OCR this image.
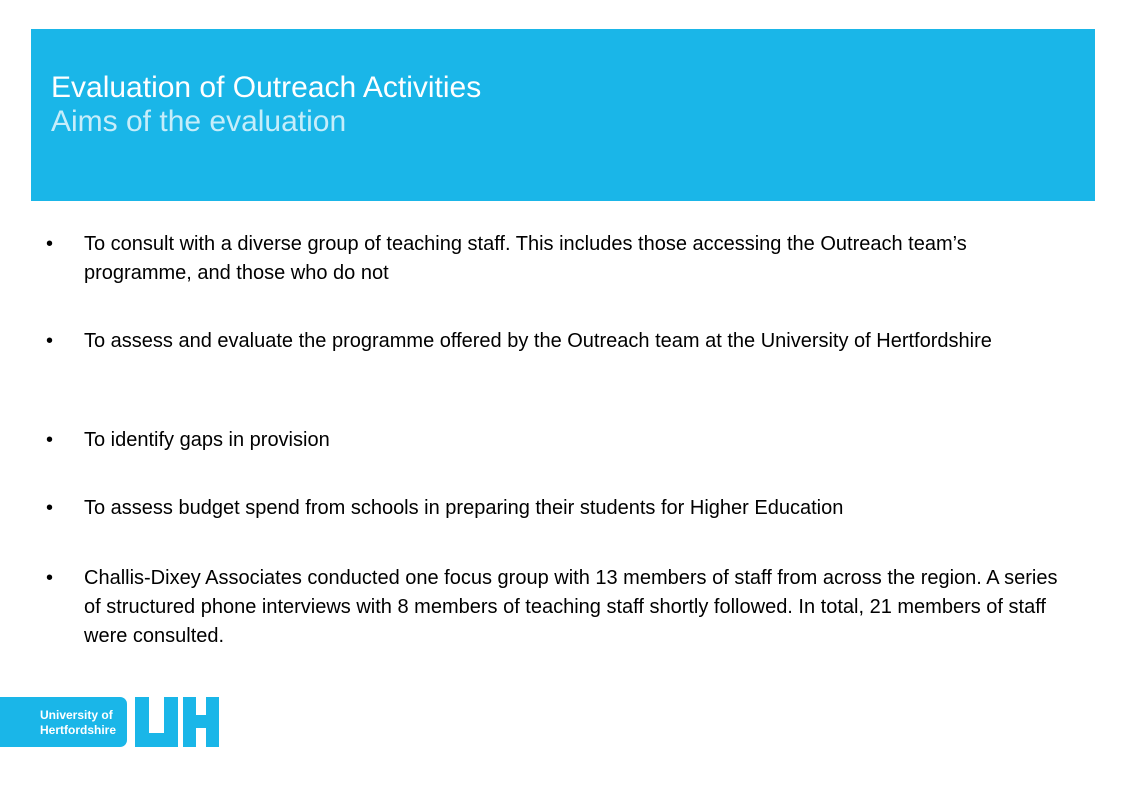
Evaluation of Outreach Activities
Aims of the evaluation
• To consult with a diverse group of teaching staff. This includes those accessing the Outreach team’s programme, and those who do not
• To assess and evaluate the programme offered by the Outreach team at the University of Hertfordshire
• To identify gaps in provision
• To assess budget spend from schools in preparing their students for Higher Education
• Challis-Dixey Associates conducted one focus group with 13 members of staff from across the region. A series of structured phone interviews with 8 members of teaching staff shortly followed. In total, 21 members of staff were consulted.
University of
Hertfordshire
